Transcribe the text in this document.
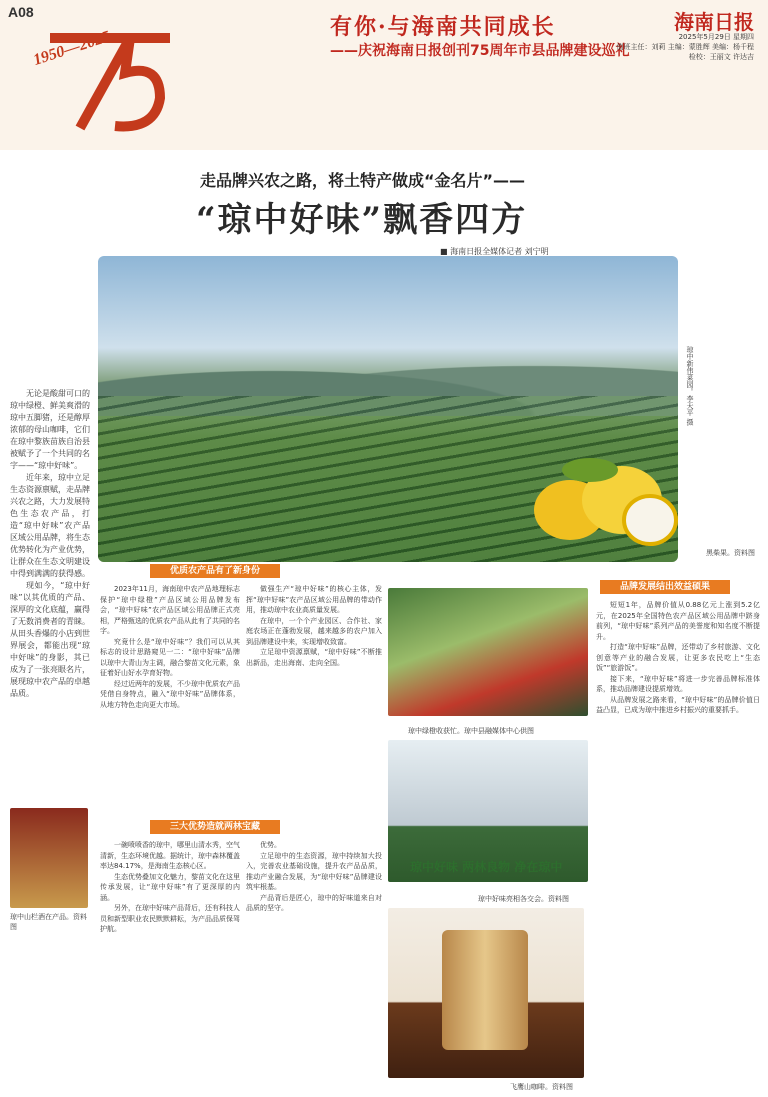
A08
1950—2025
有你·与海南共同成长
——庆祝海南日报创刊75周年市县品牌建设巡礼
海南日报
2025年5月29日 星期四
值班主任：刘莉 主编：蒙胜辉 美编：杨千程 检校：王丽文 许达吉
走品牌兴农之路，将土特产做成“金名片”——
“琼中好味”飘香四方
■ 海南日报全媒体记者 刘宁明
琼中新伟菜园。李天平 摄
黑柴果。资料图

无论是酸甜可口的琼中绿橙、鲜美爽滑的琼中五脚猪，还是醇厚浓郁的母山咖啡，它们在琼中黎族苗族自治县被赋予了一个共同的名字——“琼中好味”。

近年来，琼中立足生态资源禀赋，走品牌兴农之路，大力发展特色生态农产品，打造“琼中好味”农产品区域公用品牌，将生态优势转化为产业优势，让群众在生态文明建设中得到满满的获得感。

现如今，“琼中好味”以其优质的产品、深厚的文化底蕴，赢得了无数消费者的青睐。从田头香爆的小店到世界展会，都能出现“琼中好味”的身影，其已成为了一张亮眼名片，展现琼中农产品的卓越品质。

琼中山栏酒在产品。资料图
优质农产品有了新身份

2023年11月，海南琼中农产品地理标志保护“琼中绿橙”产品区域公用品牌发布会，“琼中好味”农产品区域公用品牌正式亮相，严格甄选的优质农产品从此有了共同的名字。

究竟什么是“琼中好味”？我们可以从其标志的设计思路窥见一二：“琼中好味”品牌以琼中大青山为主调，融合黎苗文化元素，象征着好山好水孕育好物。

经过近两年的发展，不少琼中优质农产品凭借自身特点，融入“琼中好味”品牌体系，从地方特色走向更大市场。

做强生产“琼中好味”的核心主体，发挥“琼中好味”农产品区域公用品牌的带动作用，推动琼中农业高质量发展。

在琼中，一个个产业园区、合作社、家庭农场正在蓬勃发展，越来越多的农户加入到品牌建设中来，实现增收致富。

立足琼中资源禀赋，“琼中好味”不断推出新品，走出海南、走向全国。

三大优势造就两林宝藏

一碗喷喷香的琼中，哪里山清水秀，空气清新，生态环境优越。据统计，琼中森林覆盖率达84.17%，是海南生态核心区。

生态优势叠加文化魅力，黎苗文化在这里传承发展，让“琼中好味”有了更深厚的内涵。

另外，在琼中好味产品背后，还有科技人员和新型职业农民默默耕耘，为产品品质保驾护航。

优势。

立足琼中的生态资源，琼中持续加大投入，完善农业基础设施，提升农产品品质，推动产业融合发展，为“琼中好味”品牌建设筑牢根基。

产品背后是匠心，琼中的好味道来自对品质的坚守。

琼中绿橙收获忙。琼中县融媒体中心供图
琼中好味 两林良物 净在琼中
琼中好味亮相各交会。资料图
飞鹰山咖啡。资料图
品牌发展结出效益硕果

短短1年，品牌价值从0.88亿元上涨到5.2亿元，在2025年全国特色农产品区域公用品牌中跻身前列，“琼中好味”系列产品的美誉度和知名度不断提升。

打造“琼中好味”品牌，还带动了乡村旅游、文化创意等产业的融合发展，让更多农民吃上“生态饭”“旅游饭”。

接下来，“琼中好味”将进一步完善品牌标准体系，推动品牌建设提质增效。

从品牌发展之路来看，“琼中好味”的品牌价值日益凸显，已成为琼中推进乡村振兴的重要抓手。
